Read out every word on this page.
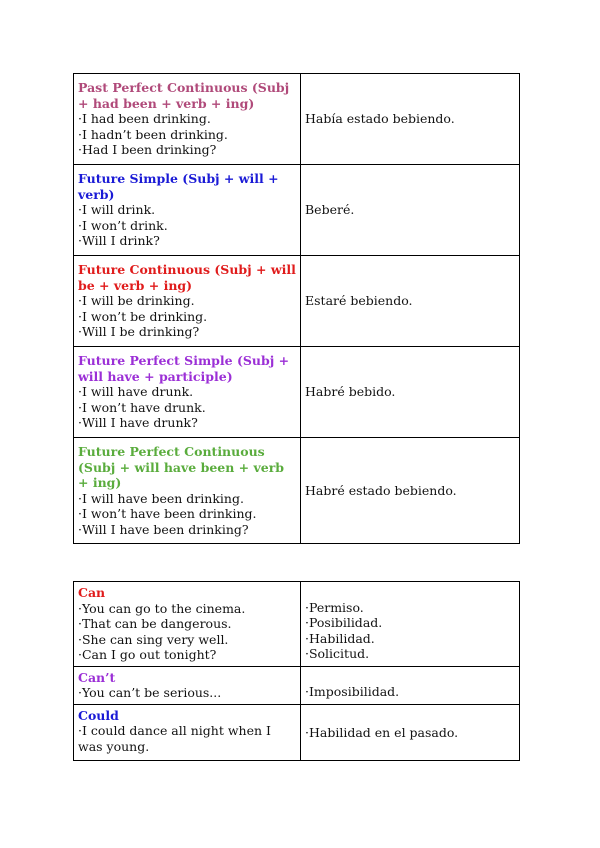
Past Perfect Continuous (Subj + had been + verb + ing)
·I had been drinking.
·I hadn’t been drinking.
·Had I been drinking?	Había estado bebiendo.

Future Simple (Subj + will + verb)
·I will drink.
·I won’t drink.
·Will I drink?	Beberé.

Future Continuous (Subj + will be + verb + ing)
·I will be drinking.
·I won’t be drinking.
·Will I be drinking?	Estaré bebiendo.

Future Perfect Simple (Subj + will have + participle)
·I will have drunk.
·I won’t have drunk.
·Will I have drunk?	Habré bebido.

Future Perfect Continuous (Subj + will have been + verb + ing)
·I will have been drinking.
·I won’t have been drinking.
·Will I have been drinking?	Habré estado bebiendo.
Can
·You can go to the cinema.
·That can be dangerous.
·She can sing very well.
·Can I go out tonight?	·Permiso.
·Posibilidad.
·Habilidad.
·Solicitud.

Can’t
·You can’t be serious...	·Imposibilidad.

Could
·I could dance all night when I was young.	·Habilidad en el pasado.
